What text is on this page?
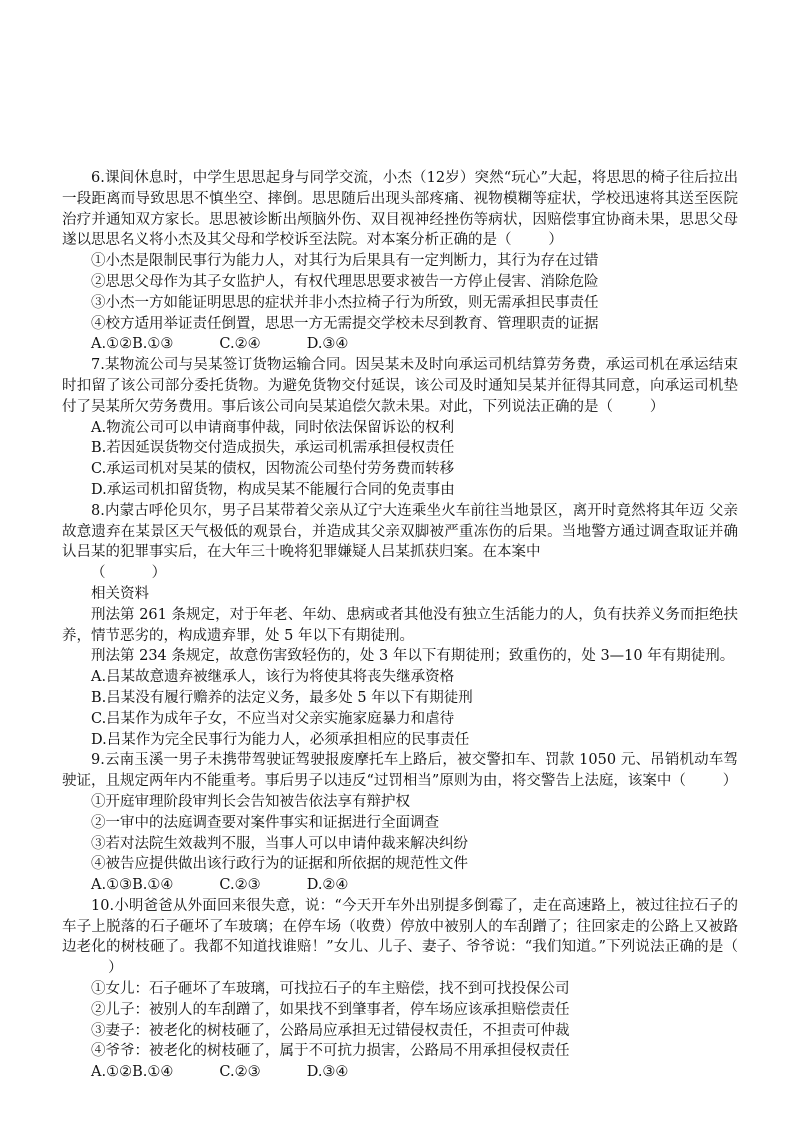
6.课间休息时，中学生思思起身与同学交流，小杰（12岁）突然“玩心”大起，将思思的椅子往后拉出一段距离而导致思思不慎坐空、摔倒。思思随后出现头部疼痛、视物模糊等症状，学校迅速将其送至医院治疗并通知双方家长。思思被诊断出颅脑外伤、双目视神经挫伤等病状，因赔偿事宜协商未果，思思父母遂以思思名义将小杰及其父母和学校诉至法院。对本案分析正确的是（        ）

①小杰是限制民事行为能力人，对其行为后果具有一定判断力，其行为存在过错
②思思父母作为其子女监护人，有权代理思思要求被告一方停止侵害、消除危险
③小杰一方如能证明思思的症状并非小杰拉椅子行为所致，则无需承担民事责任
④校方适用举证责任倒置，思思一方无需提交学校未尽到教育、管理职责的证据
A.①②B.①③          C.②④          D.③④

7.某物流公司与吴某签订货物运输合同。因吴某未及时向承运司机结算劳务费，承运司机在承运结束时扣留了该公司部分委托货物。为避免货物交付延误，该公司及时通知吴某并征得其同意，向承运司机垫付了吴某所欠劳务费用。事后该公司向吴某追偿欠款未果。对此，下列说法正确的是（        ）

A.物流公司可以申请商事仲裁，同时依法保留诉讼的权利
B.若因延误货物交付造成损失，承运司机需承担侵权责任
C.承运司机对吴某的债权，因物流公司垫付劳务费而转移
D.承运司机扣留货物，构成吴某不能履行合同的免责事由

8.内蒙古呼伦贝尔，男子吕某带着父亲从辽宁大连乘坐火车前往当地景区，离开时竟然将其年迈 父亲故意遗弃在某景区天气极低的观景台，并造成其父亲双脚被严重冻伤的后果。当地警方通过调查取证并确认吕某的犯罪事实后，在大年三十晚将犯罪嫌疑人吕某抓获归案。在本案中

（          ）
相关资料

刑法第 261 条规定，对于年老、年幼、患病或者其他没有独立生活能力的人，负有扶养义务而拒绝扶养，情节恶劣的，构成遗弃罪，处 5 年以下有期徒刑。

刑法第 234 条规定，故意伤害致轻伤的，处 3 年以下有期徒刑；致重伤的，处 3—10 年有期徒刑。

A.吕某故意遗弃被继承人，该行为将使其将丧失继承资格
B.吕某没有履行赡养的法定义务，最多处 5 年以下有期徒刑
C.吕某作为成年子女，不应当对父亲实施家庭暴力和虐待
D.吕某作为完全民事行为能力人，必须承担相应的民事责任

9.云南玉溪一男子未携带驾驶证驾驶报废摩托车上路后，被交警扣车、罚款 1050 元、吊销机动车驾驶证，且规定两年内不能重考。事后男子以违反“过罚相当”原则为由，将交警告上法庭，该案中（        ）

①开庭审理阶段审判长会告知被告依法享有辩护权
②一审中的法庭调查要对案件事实和证据进行全面调查
③若对法院生效裁判不服，当事人可以申请仲裁来解决纠纷
④被告应提供做出该行政行为的证据和所依据的规范性文件
A.①③B.①④          C.②③          D.②④

10.小明爸爸从外面回来很失意，说：“今天开车外出别提多倒霉了，走在高速路上，被过往拉石子的车子上脱落的石子砸坏了车玻璃；在停车场（收费）停放中被别人的车刮蹭了；往回家走的公路上又被路边老化的树枝砸了。我都不知道找谁赔！”女儿、儿子、妻子、爷爷说：“我们知道。”下列说法正确的是（          ）

①女儿：石子砸坏了车玻璃，可找拉石子的车主赔偿，找不到可找投保公司
②儿子：被别人的车刮蹭了，如果找不到肇事者，停车场应该承担赔偿责任
③妻子：被老化的树枝砸了，公路局应承担无过错侵权责任，不担责可仲裁
④爷爷：被老化的树枝砸了，属于不可抗力损害，公路局不用承担侵权责任
A.①②B.①④          C.②③          D.③④
